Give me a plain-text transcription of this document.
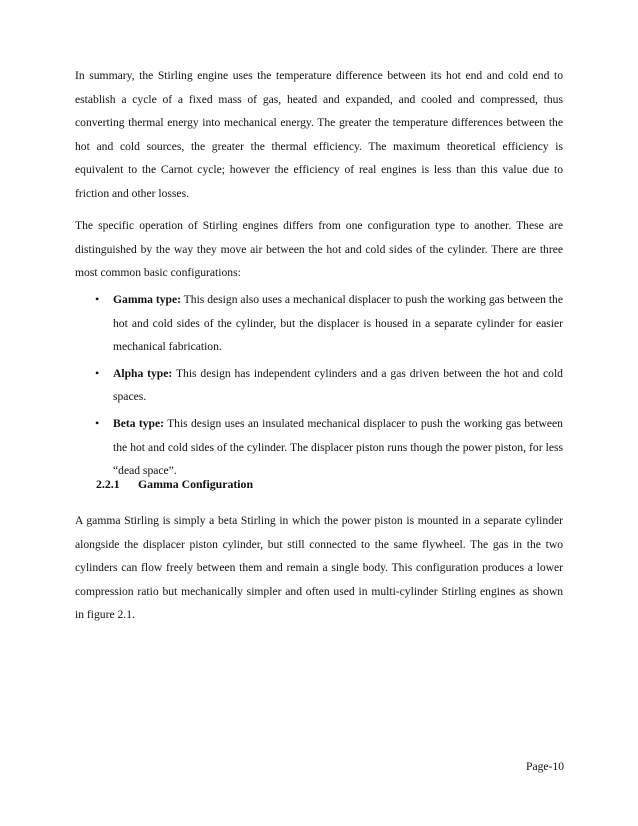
In summary, the Stirling engine uses the temperature difference between its hot end and cold end to establish a cycle of a fixed mass of gas, heated and expanded, and cooled and compressed, thus converting thermal energy into mechanical energy. The greater the temperature differences between the hot and cold sources, the greater the thermal efficiency. The maximum theoretical efficiency is equivalent to the Carnot cycle; however the efficiency of real engines is less than this value due to friction and other losses.

The specific operation of Stirling engines differs from one configuration type to another. These are distinguished by the way they move air between the hot and cold sides of the cylinder. There are three most common basic configurations:

• Gamma type: This design also uses a mechanical displacer to push the working gas between the hot and cold sides of the cylinder, but the displacer is housed in a separate cylinder for easier mechanical fabrication.
• Alpha type: This design has independent cylinders and a gas driven between the hot and cold spaces.
• Beta type: This design uses an insulated mechanical displacer to push the working gas between the hot and cold sides of the cylinder. The displacer piston runs though the power piston, for less “dead space”.
2.2.1 Gamma Configuration

A gamma Stirling is simply a beta Stirling in which the power piston is mounted in a separate cylinder alongside the displacer piston cylinder, but still connected to the same flywheel. The gas in the two cylinders can flow freely between them and remain a single body. This configuration produces a lower compression ratio but mechanically simpler and often used in multi-cylinder Stirling engines as shown in figure 2.1.

Page-10
